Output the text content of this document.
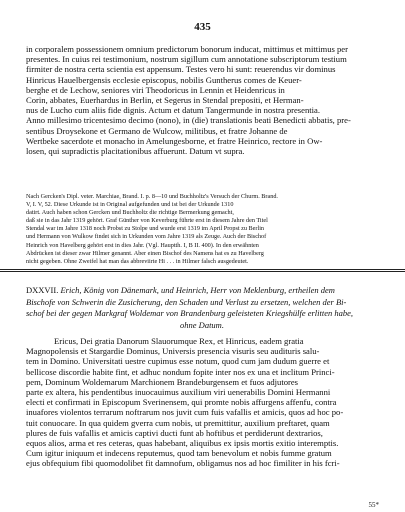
435
in corporalem possessionem omnium predictorum bonorum inducat, mittimus et mittimus per
presentes. In cuius rei testimonium, nostrum sigillum cum annotatione subscriptorum testium
firmiter de nostra certa scientia est appensum. Testes vero hi sunt: reuerendus vir dominus
Hinricus Hauelbergensis ecclesie episcopus, nobilis Guntherus comes de Keuer-
berghe et de Lechow, seniores viri Theodoricus in Lennin et Heidenricus in
Corin, abbates, Euerhardus in Berlin, et Segerus in Stendal prepositi, et Herman-
nus de Lucho cum aliis fide dignis. Actum et datum Tangermunde in nostra presentia.
Anno millesimo tricentesimo decimo (nono), in (die) translationis beati Benedicti abbatis, pre-
sentibus Droysekone et Germano de Wulcow, militibus, et fratre Johanne de
Wertbeke sacerdote et monacho in Amelungesborne, et fratre Heinrico, rectore in Ow-
losen, qui supradictis placitationibus affuerunt. Datum vt supra.
Nach Gercken's Dipl. veter. Marchiae, Brand. I. p. 8—10 und Buchholtz's Versuch der Churm. Brand.
V, I. V, 52. Diese Urkunde ist in Original aufgefunden und ist bei der Urkunde 1310
datirt. Auch haben schon Gercken und Buchholtz die richtige Bermerkung gemacht,
daß sie in das Jahr 1319 gehört. Graf Günther von Keverburg führte erst in diesem Jahre den Titel
Stendal war im Jahre 1318 noch Probst zu Stolpe und wurde erst 1319 im April Propst zu Berlin
und Hermann von Wulkow findet sich in Urkunden vom Jahre 1319 als Zeuge. Auch der Bischof
Heinrich von Havelberg gehört erst in dies Jahr. (Vgl. Hauptth. I, B II. 400). In den erwähnten
Abdrücken ist dieser zwar Hilmer genannt. Aber einen Bischof des Namens hat es zu Havelberg
nicht gegeben. Ohne Zweifel hat man das abbreviirte Hi . . . in Hilmer falsch ausgedeutet.
DXXVII. Erich, König von Dänemark, und Heinrich, Herr von Meklenburg, ertheilen dem
Bischofe von Schwerin die Zusicherung, den Schaden und Verlust zu ersetzen, welchen der Bi-
schof bei der gegen Markgraf Woldemar von Brandenburg geleisteten Kriegshülfe erlitten habe,
ohne Datum.
Ericus, Dei gratia Danorum Slauorumque Rex, et Hinricus, eadem gratia
Magnopolensis et Stargardie Dominus, Universis presencia visuris seu audituris salu-
tem in Domino. Universitati uestre cupimus esse notum, quod cum jam dudum guerre et
bellicose discordie habite fint, et adhuc nondum fopite inter nos ex una et inclitum Princi-
pem, Dominum Woldemarum Marchionem Brandeburgensem et fuos adjutores
parte ex altera, his pendentibus inuocauimus auxilium viri uenerabilis Domini Hermanni
electi et confirmati in Episcopum Sverinensem, qui promte nobis affurgens affenfu, contra
inuafores violentos terrarum noftrarum nos juvit cum fuis vafallis et amicis, quos ad hoc po-
tuit conuocare. In qua quidem gverra cum nobis, ut premittitur, auxilium preftaret, quam
plures de fuis vafallis et amicis captivi ducti funt ab hoftibus et perdiderunt dextrarios,
equos alios, arma et res ceteras, quas habebant, aliquibus ex ipsis mortis exitio interemptis.
Cum igitur iniquum et indecens reputemus, quod tam benevolum et nobis fumme gratum
ejus obfequium fibi quomodolibet fit damnofum, obligamus nos ad hoc fimiliter in his fcri-
55*
